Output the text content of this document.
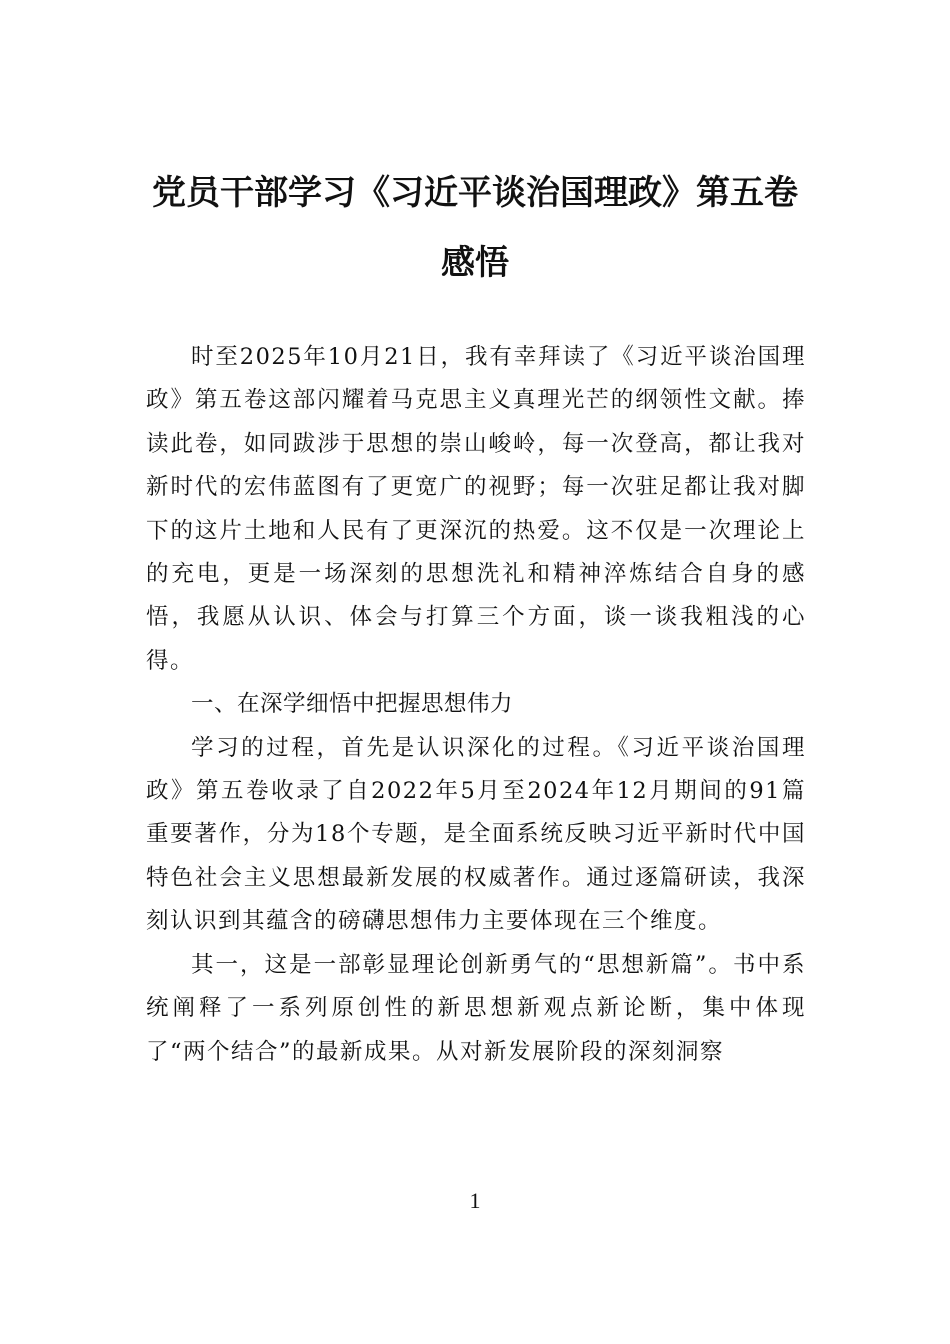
党员干部学习《习近平谈治国理政》第五卷感悟

时至2025年10月21日，我有幸拜读了《习近平谈治国理政》第五卷这部闪耀着马克思主义真理光芒的纲领性文献。捧读此卷，如同跋涉于思想的崇山峻岭，每一次登高，都让我对新时代的宏伟蓝图有了更宽广的视野；每一次驻足都让我对脚下的这片土地和人民有了更深沉的热爱。这不仅是一次理论上的充电，更是一场深刻的思想洗礼和精神淬炼结合自身的感悟，我愿从认识、体会与打算三个方面，谈一谈我粗浅的心得。

一、在深学细悟中把握思想伟力

学习的过程，首先是认识深化的过程。《习近平谈治国理政》第五卷收录了自2022年5月至2024年12月期间的91篇重要著作，分为18个专题，是全面系统反映习近平新时代中国特色社会主义思想最新发展的权威著作。通过逐篇研读，我深刻认识到其蕴含的磅礴思想伟力主要体现在三个维度。

其一，这是一部彰显理论创新勇气的“思想新篇”。书中系统阐释了一系列原创性的新思想新观点新论断，集中体现了“两个结合”的最新成果。从对新发展阶段的深刻洞察

1
